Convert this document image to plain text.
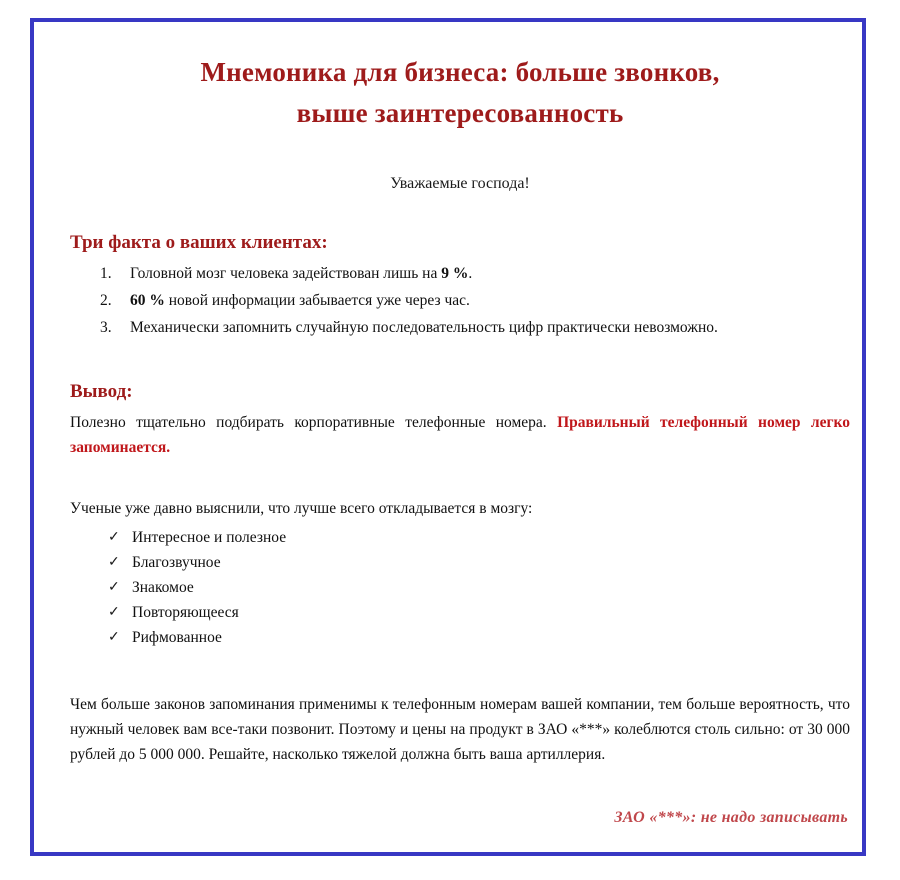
Мнемоника для бизнеса: больше звонков,
выше заинтересованность

Уважаемые господа!

Три факта о ваших клиентах:
Головной мозг человека задействован лишь на 9 %.
60 % новой информации забывается уже через час.
Механически запомнить случайную последовательность цифр практически невозможно.
Вывод:

Полезно тщательно подбирать корпоративные телефонные номера. Правильный телефонный номер легко запоминается.

Ученые уже давно выяснили, что лучше всего откладывается в мозгу:

✓ Интересное и полезное
✓ Благозвучное
✓ Знакомое
✓ Повторяющееся
✓ Рифмованное

Чем больше законов запоминания применимы к телефонным номерам вашей компании, тем больше вероятность, что нужный человек вам все-таки позвонит. Поэтому и цены на продукт в ЗАО «***» колеблются столь сильно: от 30 000 рублей до 5 000 000. Решайте, насколько тяжелой должна быть ваша артиллерия.

ЗАО «***»: не надо записывать
